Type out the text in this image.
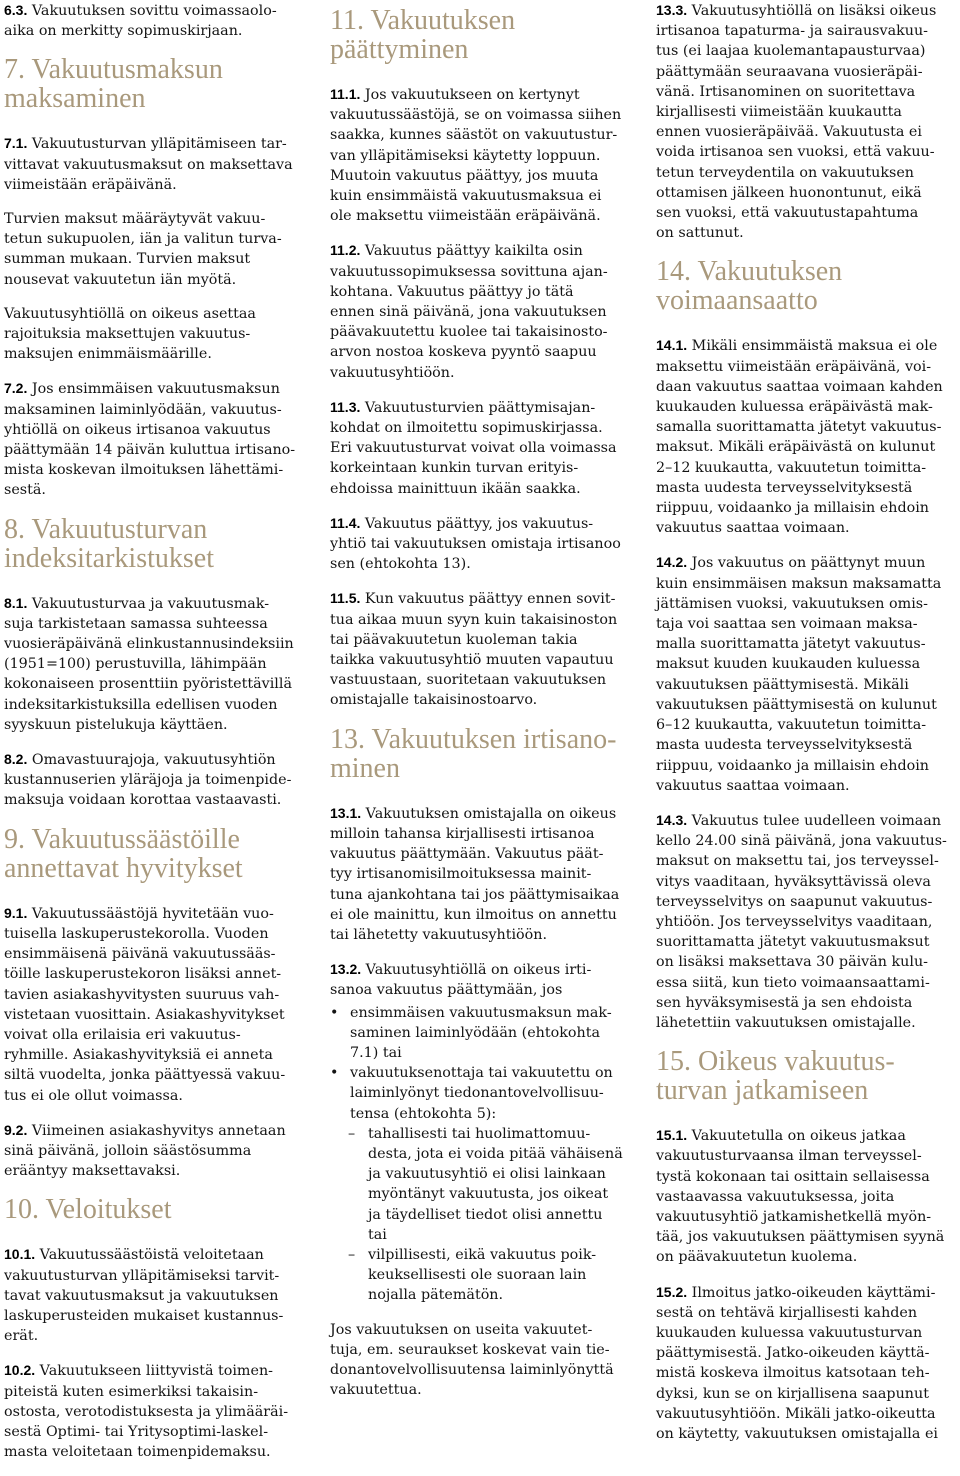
6.3. Vakuutuksen sovittu voimassaolo-
aika on merkitty sopimuskirjaan.

7. Vakuutusmaksun
maksaminen

7.1. Vakuutusturvan ylläpitämiseen tar-
vittavat vakuutusmaksut on maksettava
viimeistään eräpäivänä.

Turvien maksut määräytyvät vakuu-
tetun sukupuolen, iän ja valitun turva-
summan mukaan. Turvien maksut
nousevat vakuutetun iän myötä.

Vakuutusyhtiöllä on oikeus asettaa
rajoituksia maksettujen vakuutus-
maksujen enimmäismäärille.

7.2. Jos ensimmäisen vakuutusmaksun
maksaminen laiminlyödään, vakuutus-
yhtiöllä on oikeus irtisanoa vakuutus
päättymään 14 päivän kuluttua irtisano-
mista koskevan ilmoituksen lähettämi-
sestä.

8. Vakuutusturvan
indeksitarkistukset

8.1. Vakuutusturvaa ja vakuutusmak-
suja tarkistetaan samassa suhteessa
vuosieräpäivänä elinkustannusindeksiin
(1951=100) perustuvilla, lähimpään
kokonaiseen prosenttiin pyöristettävillä
indeksitarkistuksilla edellisen vuoden
syyskuun pistelukuja käyttäen.

8.2. Omavastuurajoja, vakuutusyhtiön
kustannuserien yläräjoja ja toimenpide-
maksuja voidaan korottaa vastaavasti.

9. Vakuutussäästöille
annettavat hyvitykset

9.1. Vakuutussäästöjä hyvitetään vuo-
tuisella laskuperustekorolla. Vuoden
ensimmäisenä päivänä vakuutussääs-
töille laskuperustekoron lisäksi annet-
tavien asiakashyvitysten suuruus vah-
vistetaan vuosittain. Asiakashyvitykset
voivat olla erilaisia eri vakuutus-
ryhmille. Asiakashyvityksiä ei anneta
siltä vuodelta, jonka päättyessä vakuu-
tus ei ole ollut voimassa.

9.2. Viimeinen asiakashyvitys annetaan
sinä päivänä, jolloin säästösumma
erääntyy maksettavaksi.

10. Veloitukset

10.1. Vakuutussäästöistä veloitetaan
vakuutusturvan ylläpitämiseksi tarvit-
tavat vakuutusmaksut ja vakuutuksen
laskuperusteiden mukaiset kustannus-
erät.

10.2. Vakuutukseen liittyvistä toimen-
piteistä kuten esimerkiksi takaisin-
ostosta, verotodistuksesta ja ylimääräi-
sestä Optimi- tai Yritysoptimi-laskel-
masta veloitetaan toimenpidemaksu.

11. Vakuutuksen
päättyminen

11.1. Jos vakuutukseen on kertynyt
vakuutussäästöjä, se on voimassa siihen
saakka, kunnes säästöt on vakuutustur-
van ylläpitämiseksi käytetty loppuun.
Muutoin vakuutus päättyy, jos muuta
kuin ensimmäistä vakuutusmaksua ei
ole maksettu viimeistään eräpäivänä.

11.2. Vakuutus päättyy kaikilta osin
vakuutussopimuksessa sovittuna ajan-
kohtana. Vakuutus päättyy jo tätä
ennen sinä päivänä, jona vakuutuksen
päävakuutettu kuolee tai takaisinosto-
arvon nostoa koskeva pyyntö saapuu
vakuutusyhtiöön.

11.3. Vakuutusturvien päättymisajan-
kohdat on ilmoitettu sopimuskirjassa.
Eri vakuutusturvat voivat olla voimassa
korkeintaan kunkin turvan erityis-
ehdoissa mainittuun ikään saakka.

11.4. Vakuutus päättyy, jos vakuutus-
yhtiö tai vakuutuksen omistaja irtisanoo
sen (ehtokohta 13).

11.5. Kun vakuutus päättyy ennen sovit-
tua aikaa muun syyn kuin takaisinoston
tai päävakuutetun kuoleman takia
taikka vakuutusyhtiö muuten vapautuu
vastuustaan, suoritetaan vakuutuksen
omistajalle takaisinostoarvo.

13. Vakuutuksen irtisano-
minen

13.1. Vakuutuksen omistajalla on oikeus
milloin tahansa kirjallisesti irtisanoa
vakuutus päättymään. Vakuutus päät-
tyy irtisanomisilmoituksessa mainit-
tuna ajankohtana tai jos päättymisaikaa
ei ole mainittu, kun ilmoitus on annettu
tai lähetetty vakuutusyhtiöön.

13.2. Vakuutusyhtiöllä on oikeus irti-
sanoa vakuutus päättymään, jos

• ensimmäisen vakuutusmaksun mak-
saminen laiminlyödään (ehtokohta
7.1) tai
• vakuutuksenottaja tai vakuutettu on
laiminlyönyt tiedonantovelvollisuu-
tensa (ehtokohta 5):
– tahallisesti tai huolimattomuu-
desta, jota ei voida pitää vähäisenä
ja vakuutusyhtiö ei olisi lainkaan
myöntänyt vakuutusta, jos oikeat
ja täydelliset tiedot olisi annettu
tai
– vilpillisesti, eikä vakuutus poik-
keuksellisesti ole suoraan lain
nojalla pätemätön.

Jos vakuutuksen on useita vakuutet-
tuja, em. seuraukset koskevat vain tie-
donantovelvollisuutensa laiminlyönyttä
vakuutettua.

13.3. Vakuutusyhtiöllä on lisäksi oikeus
irtisanoa tapaturma- ja sairausvakuu-
tus (ei laajaa kuolemantapausturvaa)
päättymään seuraavana vuosieräpäi-
vänä. Irtisanominen on suoritettava
kirjallisesti viimeistään kuukautta
ennen vuosieräpäivää. Vakuutusta ei
voida irtisanoa sen vuoksi, että vakuu-
tetun terveydentila on vakuutuksen
ottamisen jälkeen huonontunut, eikä
sen vuoksi, että vakuutustapahtuma
on sattunut.

14. Vakuutuksen
voimaansaatto

14.1. Mikäli ensimmäistä maksua ei ole
maksettu viimeistään eräpäivänä, voi-
daan vakuutus saattaa voimaan kahden
kuukauden kuluessa eräpäivästä mak-
samalla suorittamatta jätetyt vakuutus-
maksut. Mikäli eräpäivästä on kulunut
2–12 kuukautta, vakuutetun toimitta-
masta uudesta terveysselvityksestä
riippuu, voidaanko ja millaisin ehdoin
vakuutus saattaa voimaan.

14.2. Jos vakuutus on päättynyt muun
kuin ensimmäisen maksun maksamatta
jättämisen vuoksi, vakuutuksen omis-
taja voi saattaa sen voimaan maksa-
malla suorittamatta jätetyt vakuutus-
maksut kuuden kuukauden kuluessa
vakuutuksen päättymisestä. Mikäli
vakuutuksen päättymisestä on kulunut
6–12 kuukautta, vakuutetun toimitta-
masta uudesta terveysselvityksestä
riippuu, voidaanko ja millaisin ehdoin
vakuutus saattaa voimaan.

14.3. Vakuutus tulee uudelleen voimaan
kello 24.00 sinä päivänä, jona vakuutus-
maksut on maksettu tai, jos terveyssel-
vitys vaaditaan, hyväksyttävissä oleva
terveysselvitys on saapunut vakuutus-
yhtiöön. Jos terveysselvitys vaaditaan,
suorittamatta jätetyt vakuutusmaksut
on lisäksi maksettava 30 päivän kulu-
essa siitä, kun tieto voimaansaattami-
sen hyväksymisestä ja sen ehdoista
lähetettiin vakuutuksen omistajalle.

15. Oikeus vakuutus-
turvan jatkamiseen

15.1. Vakuutetulla on oikeus jatkaa
vakuutusturvaansa ilman terveyssel-
tystä kokonaan tai osittain sellaisessa
vastaavassa vakuutuksessa, joita
vakuutusyhtiö jatkamishetkellä myön-
tää, jos vakuutuksen päättymisen syynä
on päävakuutetun kuolema.

15.2. Ilmoitus jatko-oikeuden käyttämi-
sestä on tehtävä kirjallisesti kahden
kuukauden kuluessa vakuutusturvan
päättymisestä. Jatko-oikeuden käyttä-
mistä koskeva ilmoitus katsotaan teh-
dyksi, kun se on kirjallisena saapunut
vakuutusyhtiöön. Mikäli jatko-oikeutta
on käytetty, vakuutuksen omistajalla ei
